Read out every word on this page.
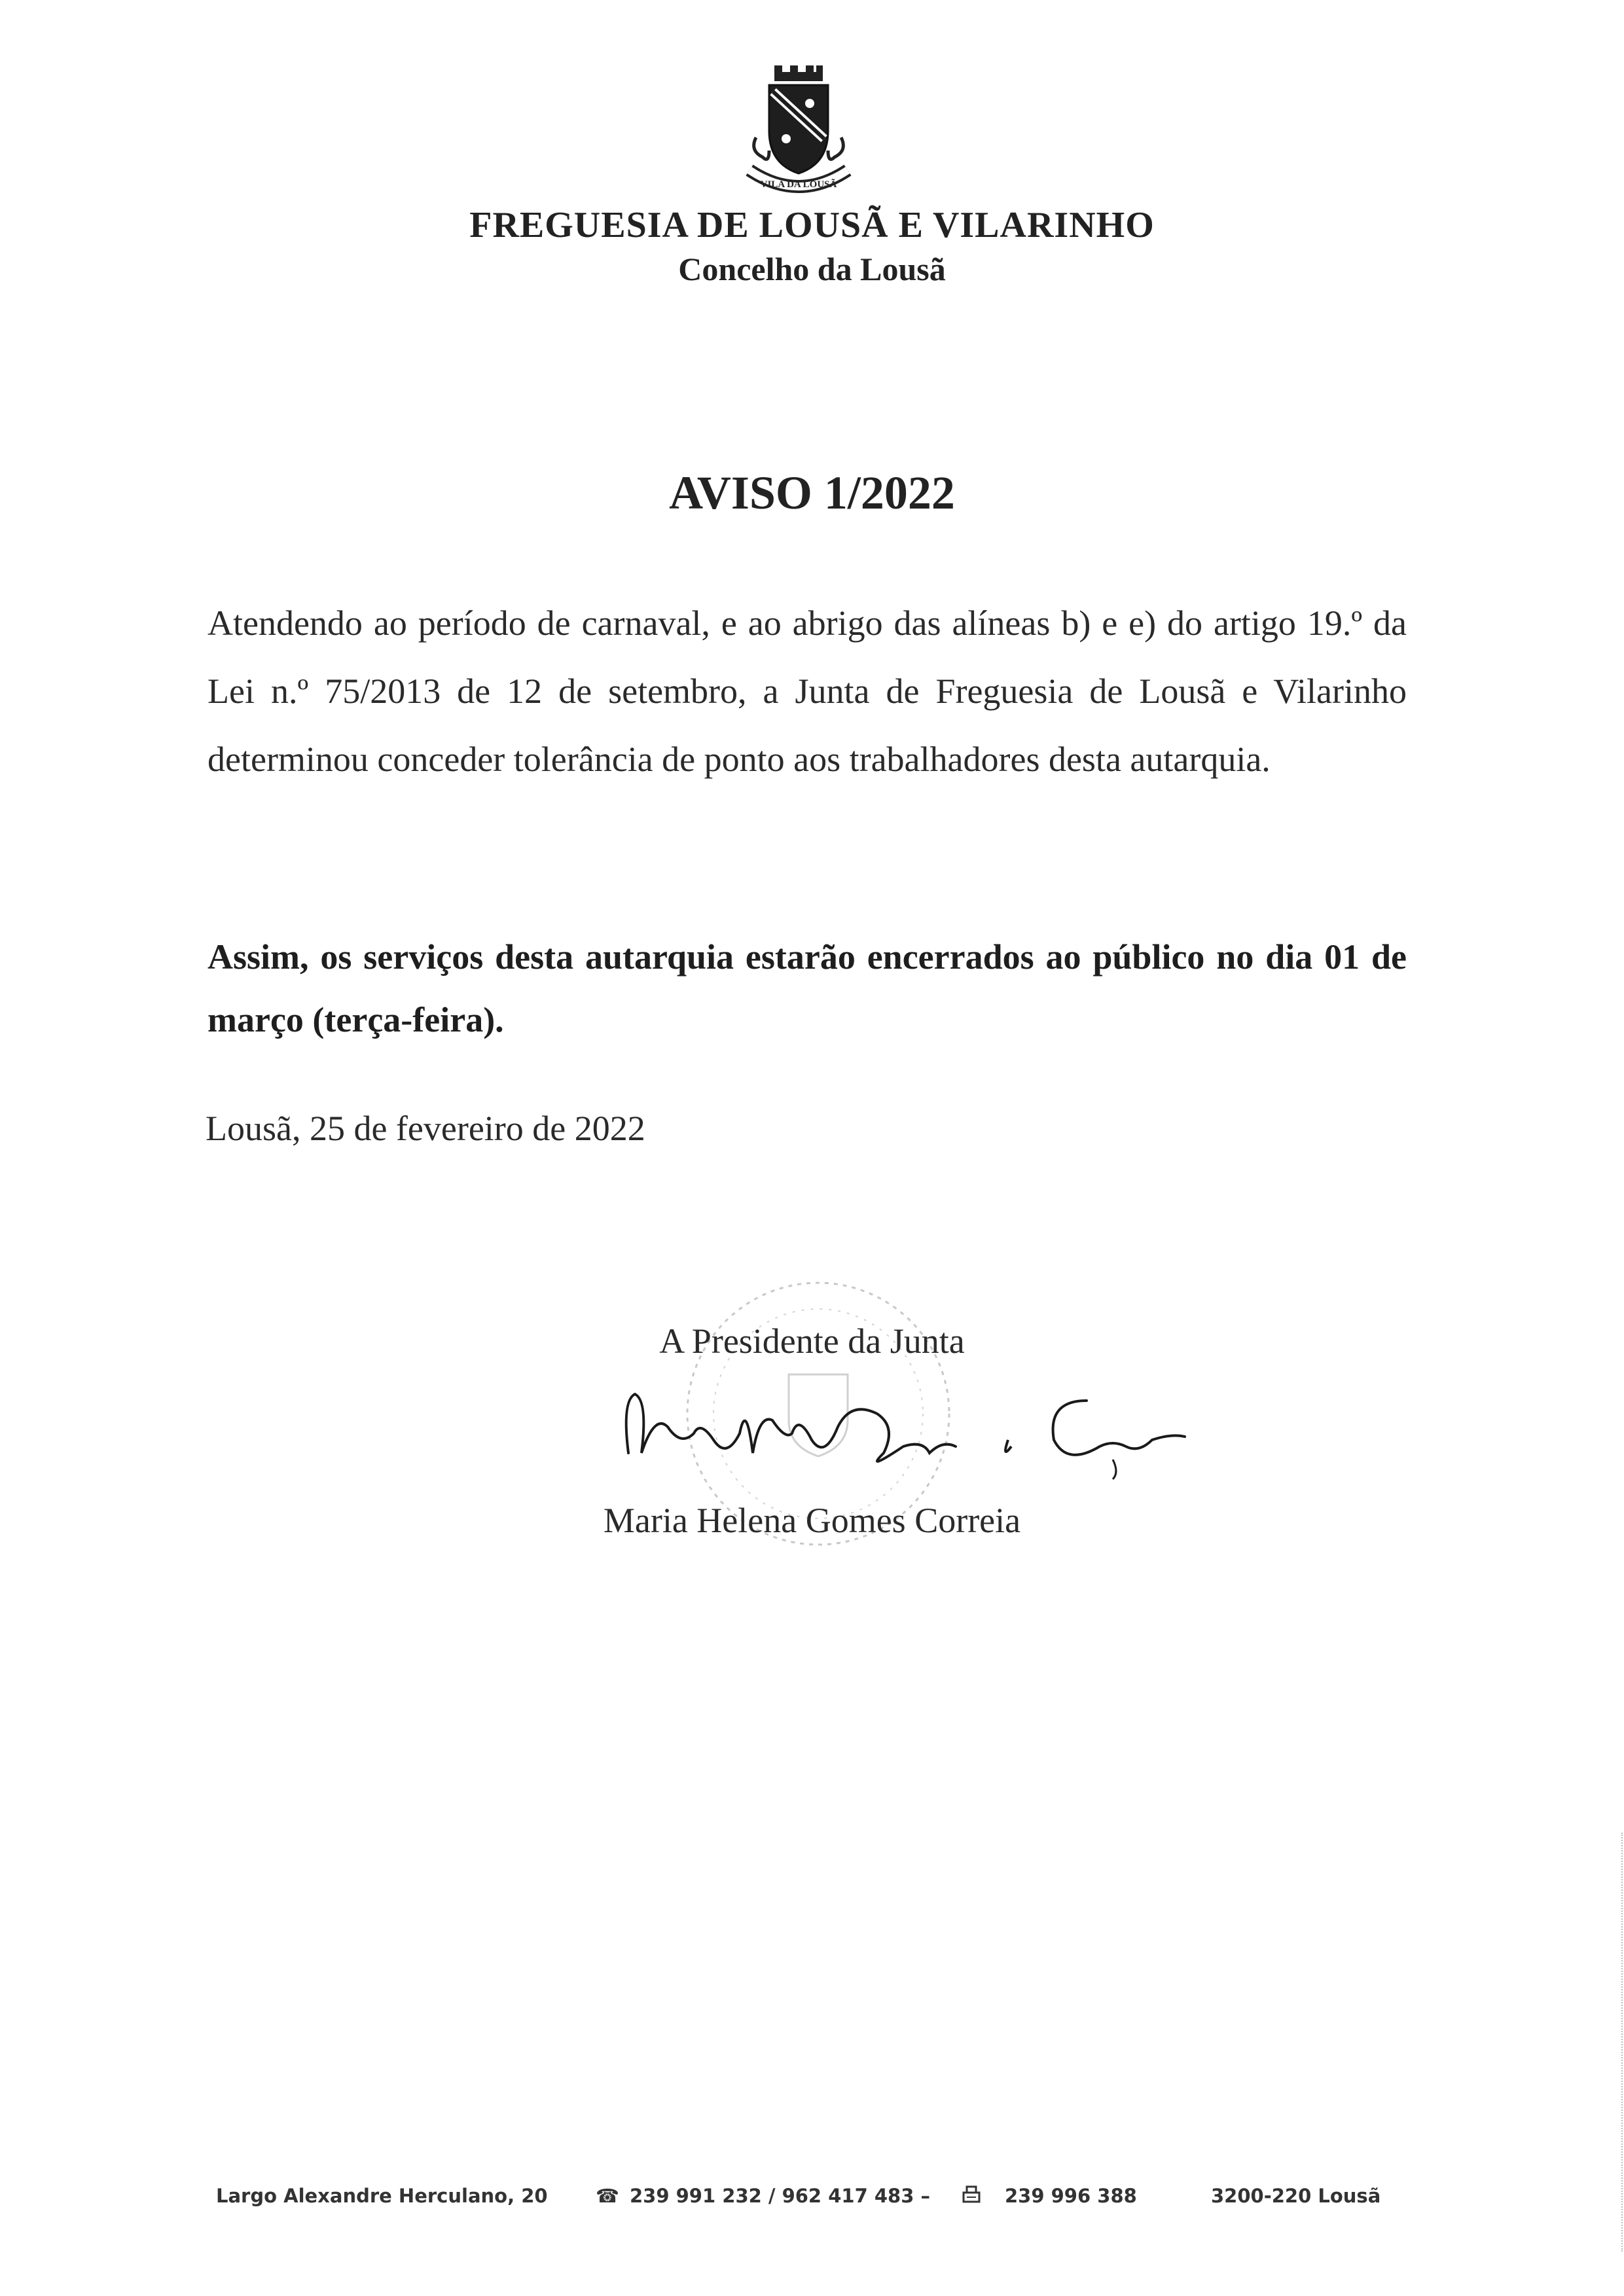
VILA DA LOUSÃ
FREGUESIA DE LOUSÃ E VILARINHO
Concelho da Lousã
AVISO 1/2022
Atendendo ao período de carnaval, e ao abrigo das alíneas b) e e) do artigo 19.º da Lei n.º 75/2013 de 12 de setembro, a Junta de Freguesia de Lousã e Vilarinho determinou conceder tolerância de ponto aos trabalhadores desta autarquia.
Assim, os serviços desta autarquia estarão encerrados ao público no dia 01 de março (terça-feira).
Lousã, 25 de fevereiro de 2022
A Presidente da Junta
Maria Helena Gomes Correia
Largo Alexandre Herculano, 20	☎ 239 991 232 / 962 417 483 –	239 996 388	3200-220 Lousã
